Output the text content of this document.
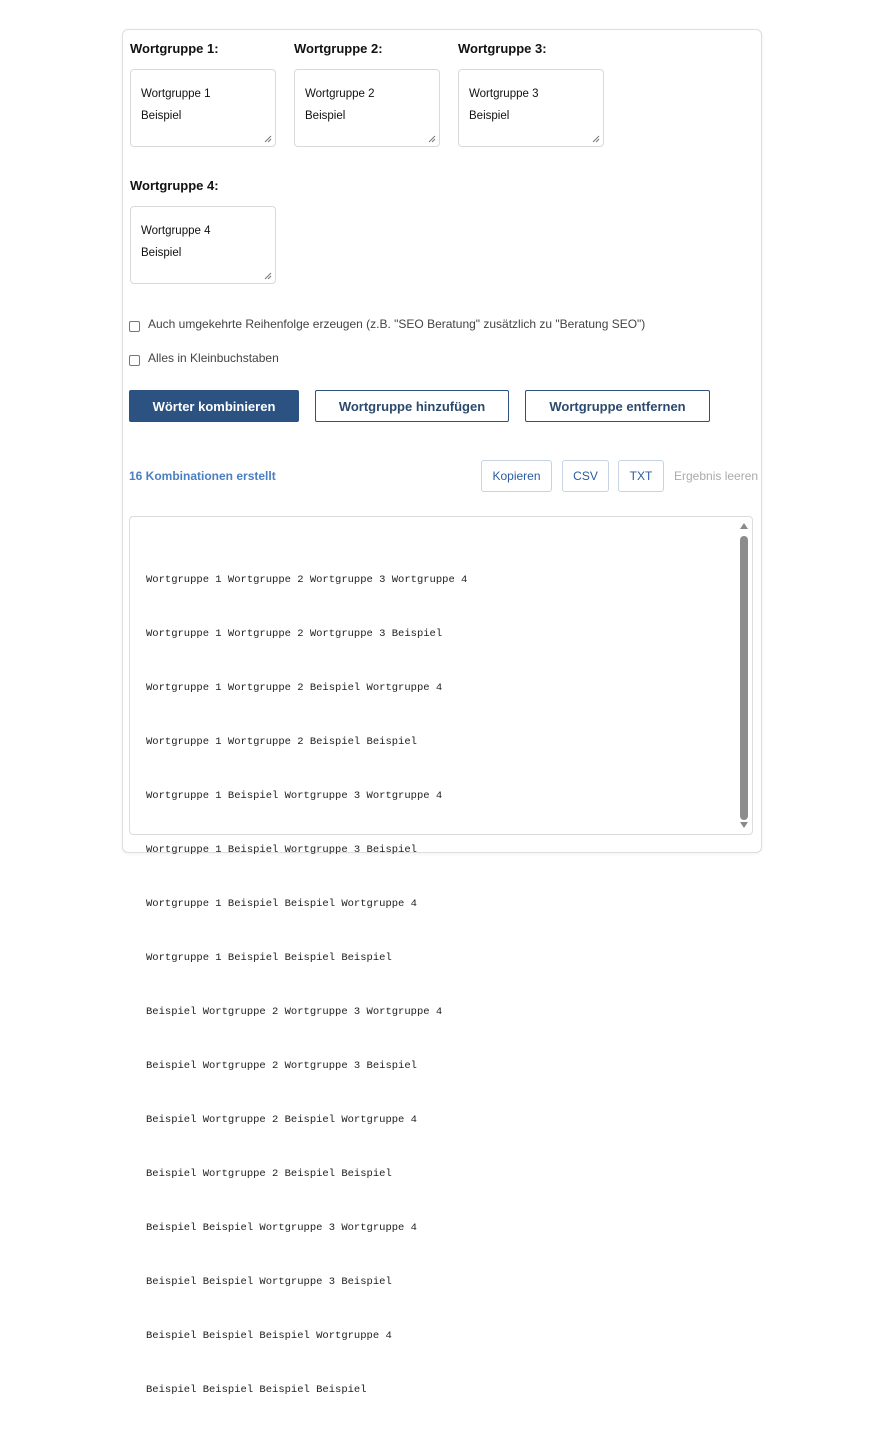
Wortgruppe 1:
Wortgruppe 1
Beispiel
Wortgruppe 2:
Wortgruppe 2
Beispiel
Wortgruppe 3:
Wortgruppe 3
Beispiel
Wortgruppe 4:
Wortgruppe 4
Beispiel
Auch umgekehrte Reihenfolge erzeugen (z.B. "SEO Beratung" zusätzlich zu "Beratung SEO")
Alles in Kleinbuchstaben
Wörter kombinieren	Wortgruppe hinzufügen	Wortgruppe entfernen
16 Kombinationen erstellt	Kopieren	CSV	TXT	Ergebnis leeren

Wortgruppe 1 Wortgruppe 2 Wortgruppe 3 Wortgruppe 4

Wortgruppe 1 Wortgruppe 2 Wortgruppe 3 Beispiel

Wortgruppe 1 Wortgruppe 2 Beispiel Wortgruppe 4

Wortgruppe 1 Wortgruppe 2 Beispiel Beispiel

Wortgruppe 1 Beispiel Wortgruppe 3 Wortgruppe 4

Wortgruppe 1 Beispiel Wortgruppe 3 Beispiel

Wortgruppe 1 Beispiel Beispiel Wortgruppe 4

Wortgruppe 1 Beispiel Beispiel Beispiel

Beispiel Wortgruppe 2 Wortgruppe 3 Wortgruppe 4

Beispiel Wortgruppe 2 Wortgruppe 3 Beispiel

Beispiel Wortgruppe 2 Beispiel Wortgruppe 4

Beispiel Wortgruppe 2 Beispiel Beispiel

Beispiel Beispiel Wortgruppe 3 Wortgruppe 4

Beispiel Beispiel Wortgruppe 3 Beispiel

Beispiel Beispiel Beispiel Wortgruppe 4

Beispiel Beispiel Beispiel Beispiel
